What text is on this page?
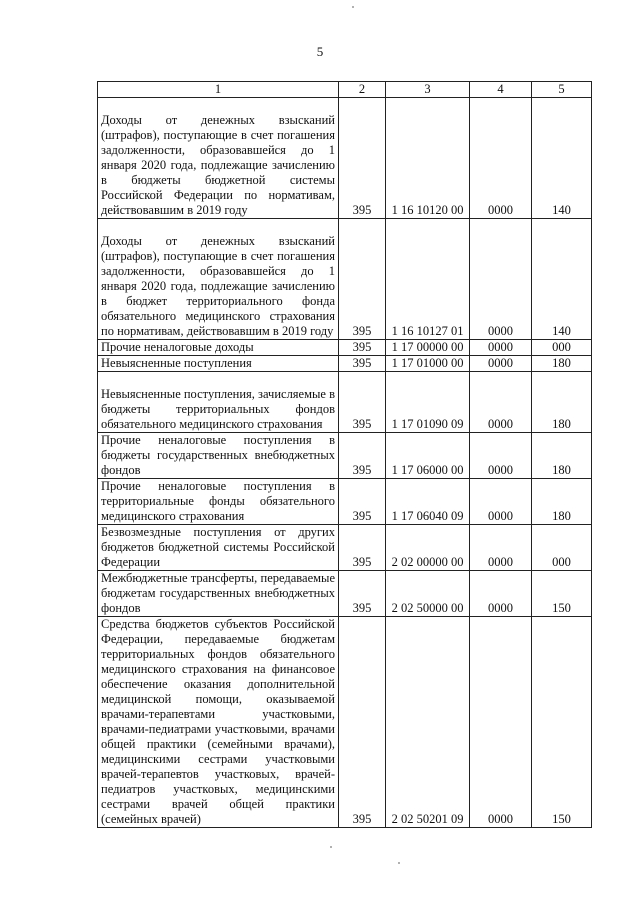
5
1	2	3	4	5
Доходы от денежных взысканий (штрафов), поступающие в счет погашения задолженности, образовавшейся до 1 января 2020 года, подлежащие зачислению в бюджеты бюджетной системы Российской Федерации по нормативам, действовавшим в 2019 году	395	1 16 10120 00	0000	140
Доходы от денежных взысканий (штрафов), поступающие в счет погашения задолженности, образовавшейся до 1 января 2020 года, подлежащие зачислению в бюджет территориального фонда обязательного медицинского страхования по нормативам, действовавшим в 2019 году	395	1 16 10127 01	0000	140
Прочие неналоговые доходы	395	1 17 00000 00	0000	000
Невыясненные поступления	395	1 17 01000 00	0000	180
Невыясненные поступления, зачисляемые в бюджеты территориальных фондов обязательного медицинского страхования	395	1 17 01090 09	0000	180
Прочие неналоговые поступления в бюджеты государственных внебюджетных фондов	395	1 17 06000 00	0000	180
Прочие неналоговые поступления в территориальные фонды обязательного медицинского страхования	395	1 17 06040 09	0000	180
Безвозмездные поступления от других бюджетов бюджетной системы Российской Федерации	395	2 02 00000 00	0000	000
Межбюджетные трансферты, передаваемые бюджетам государственных внебюджетных фондов	395	2 02 50000 00	0000	150
Средства бюджетов субъектов Российской Федерации, передаваемые бюджетам территориальных фондов обязательного медицинского страхования на финансовое обеспечение оказания дополнительной медицинской помощи, оказываемой врачами-терапевтами участковыми, врачами-педиатрами участковыми, врачами общей практики (семейными врачами), медицинскими сестрами участковыми врачей-терапевтов участковых, врачей-педиатров участковых, медицинскими сестрами врачей общей практики (семейных врачей)	395	2 02 50201 09	0000	150
